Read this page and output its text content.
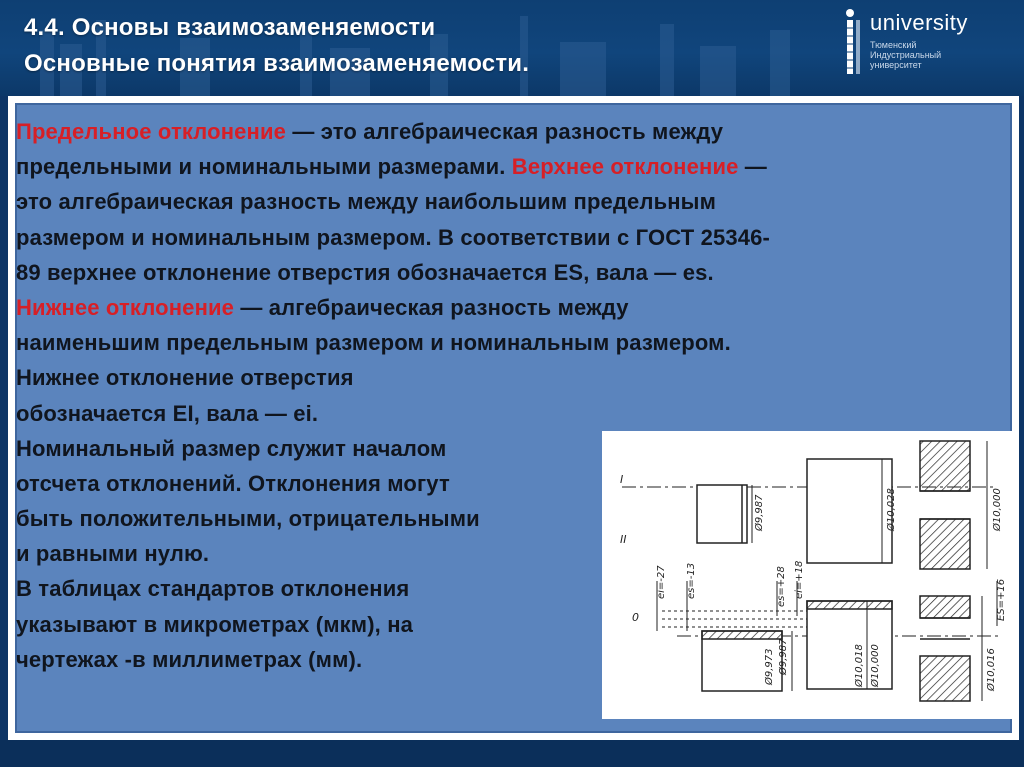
4.4. Основы взаимозаменяемости
Основные понятия взаимозаменяемости.
university
Тюменский
Индустриальный
университет
Предельное отклонение — это алгебраическая разность между
предельными и номинальными размерами. Верхнее отклонение —
это алгебраическая разность между наибольшим предельным
размером и номинальным размером. В соответствии с ГОСТ 25346-
89 верхнее отклонение отверстия обозначается ES, вала — es.
Нижнее отклонение — алгебраическая разность между
наименьшим предельным размером и номинальным размером.
Нижнее отклонение отверстия
обозначается EI, вала — ei.
Номинальный размер служит началом
отсчета отклонений. Отклонения могут
быть положительными, отрицательными
и равными нулю.
В таблицах стандартов отклонения
указывают в микрометрах (мкм), на
чертежах -в миллиметрах (мм).
I
II
0
Ø9,987	Ø10,028	Ø10,000
Ø9,973 Ø9,987	Ø10,018 Ø10,000	Ø10,016
ei=-27 es=-13	es=+28 ei=+18	ES=+16
